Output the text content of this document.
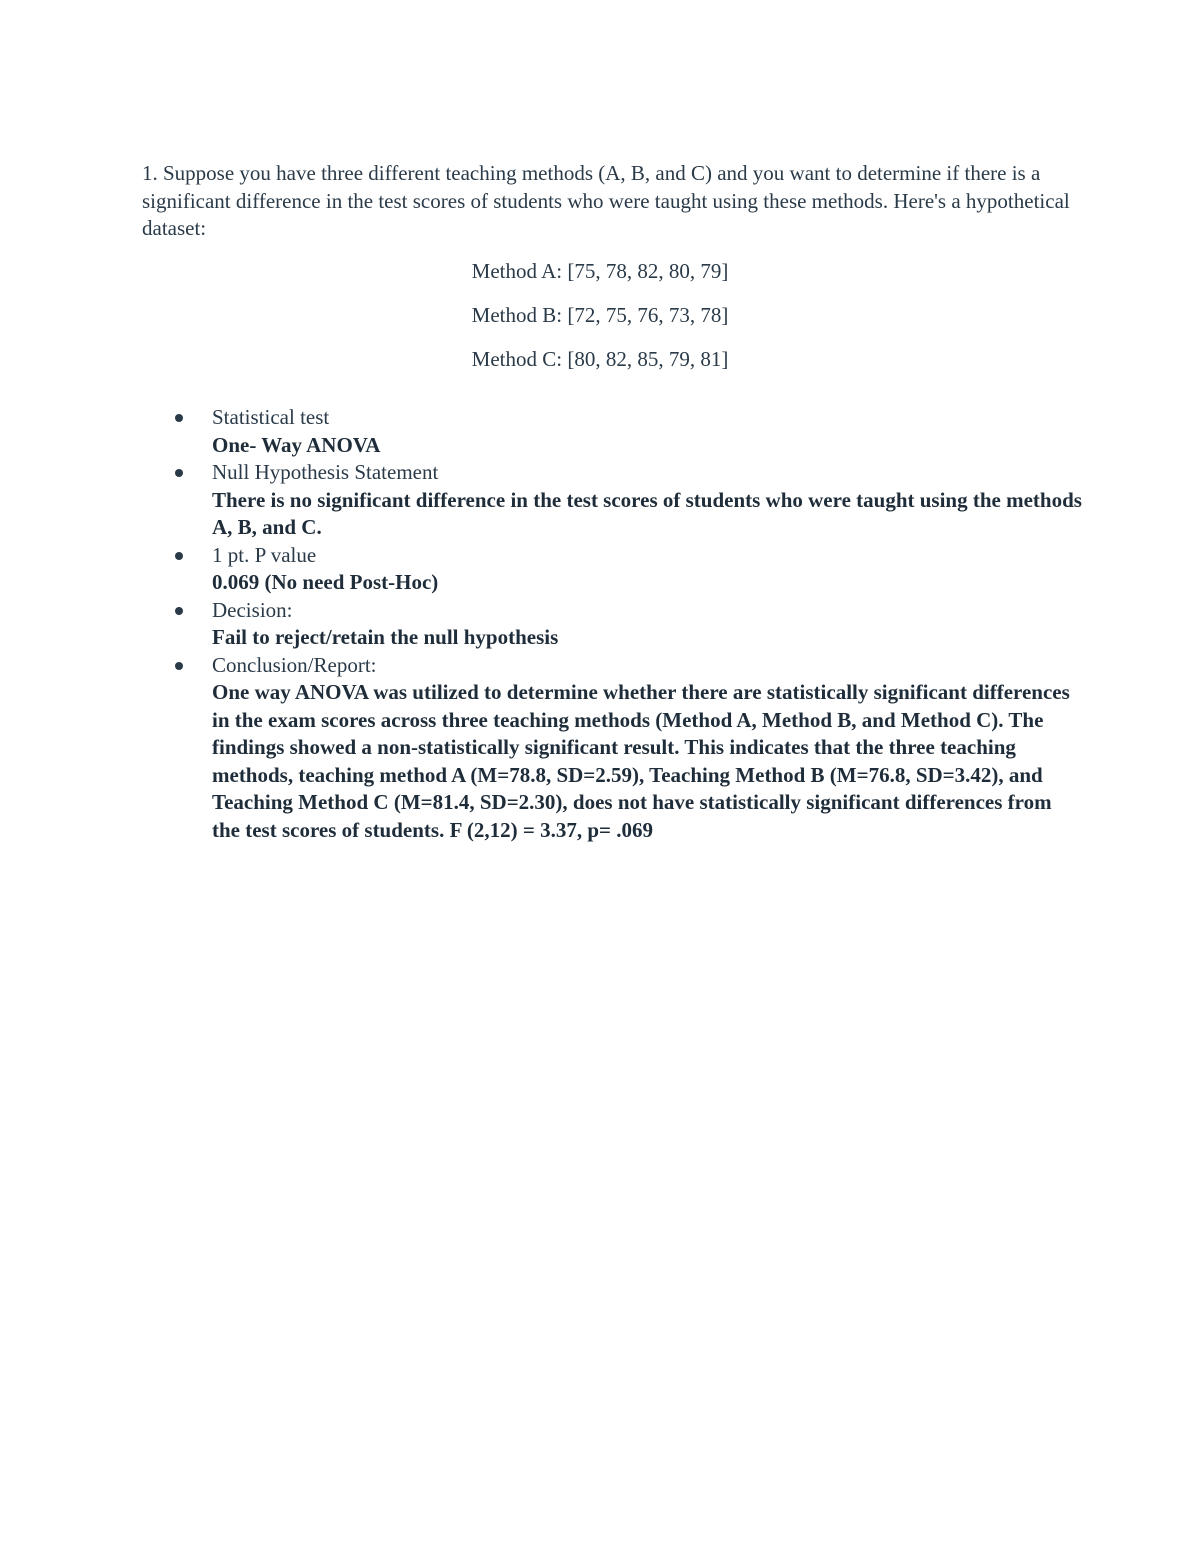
1. Suppose you have three different teaching methods (A, B, and C) and you want to determine if there is a significant difference in the test scores of students who were taught using these methods. Here's a hypothetical dataset:

Method A: [75, 78, 82, 80, 79]

Method B: [72, 75, 76, 73, 78]

Method C: [80, 82, 85, 79, 81]

Statistical test
One- Way ANOVA
Null Hypothesis Statement
There is no significant difference in the test scores of students who were taught using the methods A, B, and C.
1 pt. P value
0.069 (No need Post-Hoc)
Decision:
Fail to reject/retain the null hypothesis
Conclusion/Report:
One way ANOVA was utilized to determine whether there are statistically significant differences in the exam scores across three teaching methods (Method A, Method B, and Method C). The findings showed a non-statistically significant result. This indicates that the three teaching methods, teaching method A (M=78.8, SD=2.59), Teaching Method B (M=76.8, SD=3.42), and Teaching Method C (M=81.4, SD=2.30), does not have statistically significant differences from the test scores of students. F (2,12) = 3.37, p= .069
